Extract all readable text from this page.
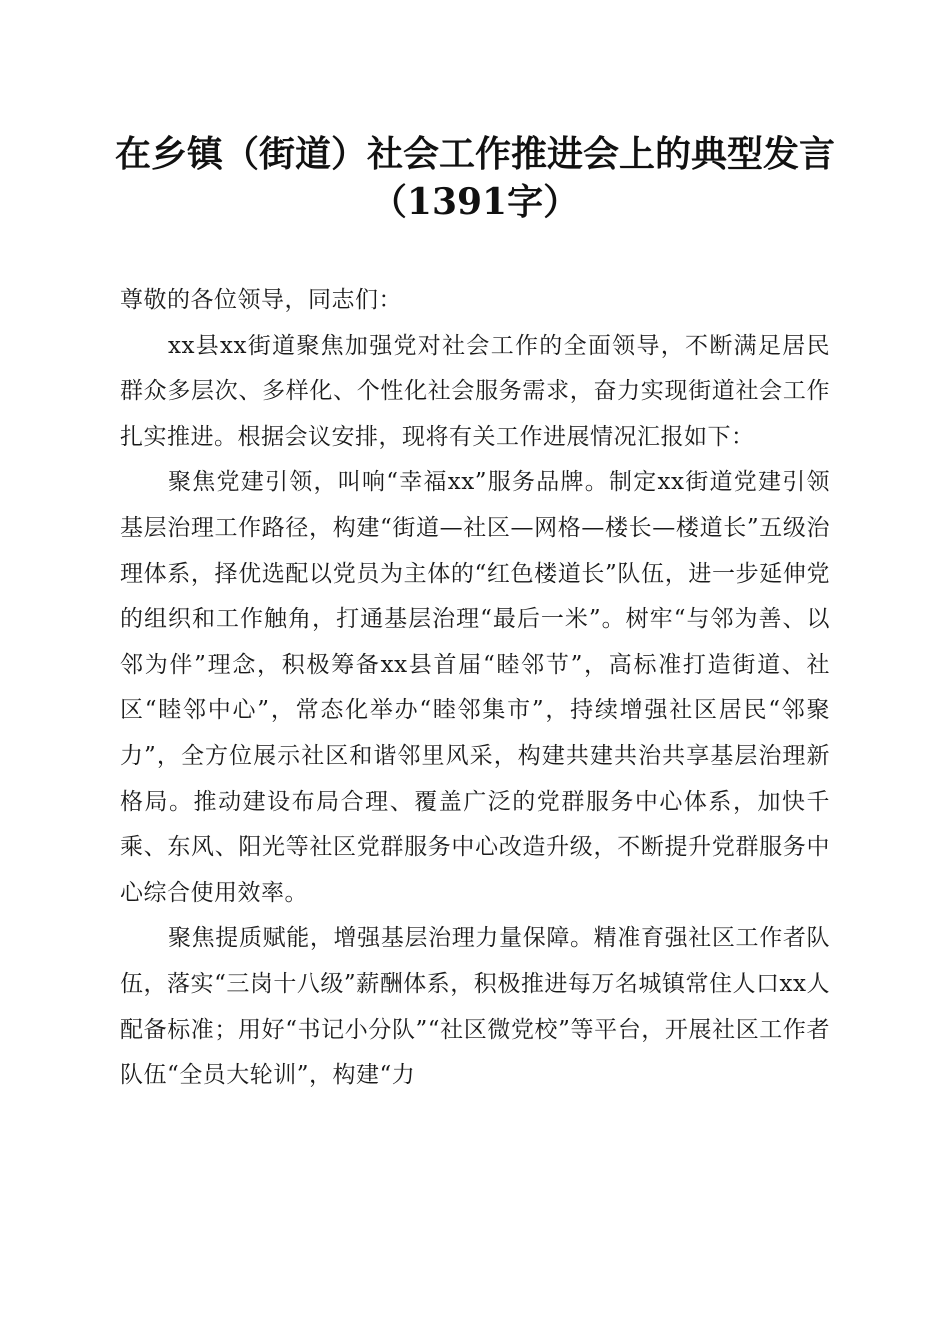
在乡镇（街道）社会工作推进会上的典型发言
（1391字）

尊敬的各位领导，同志们：

xx县xx街道聚焦加强党对社会工作的全面领导，不断满足居民群众多层次、多样化、个性化社会服务需求，奋力实现街道社会工作扎实推进。根据会议安排，现将有关工作进展情况汇报如下：

聚焦党建引领，叫响“幸福xx”服务品牌。制定xx街道党建引领基层治理工作路径，构建“街道—社区—网格—楼长—楼道长”五级治理体系，择优选配以党员为主体的“红色楼道长”队伍，进一步延伸党的组织和工作触角，打通基层治理“最后一米”。树牢“与邻为善、以邻为伴”理念，积极筹备xx县首届“睦邻节”，高标准打造街道、社区“睦邻中心”，常态化举办“睦邻集市”，持续增强社区居民“邻聚力”，全方位展示社区和谐邻里风采，构建共建共治共享基层治理新格局。推动建设布局合理、覆盖广泛的党群服务中心体系，加快千乘、东风、阳光等社区党群服务中心改造升级，不断提升党群服务中心综合使用效率。

聚焦提质赋能，增强基层治理力量保障。精准育强社区工作者队伍，落实“三岗十八级”薪酬体系，积极推进每万名城镇常住人口xx人配备标准；用好“书记小分队”“社区微党校”等平台，开展社区工作者队伍“全员大轮训”，构建“力
